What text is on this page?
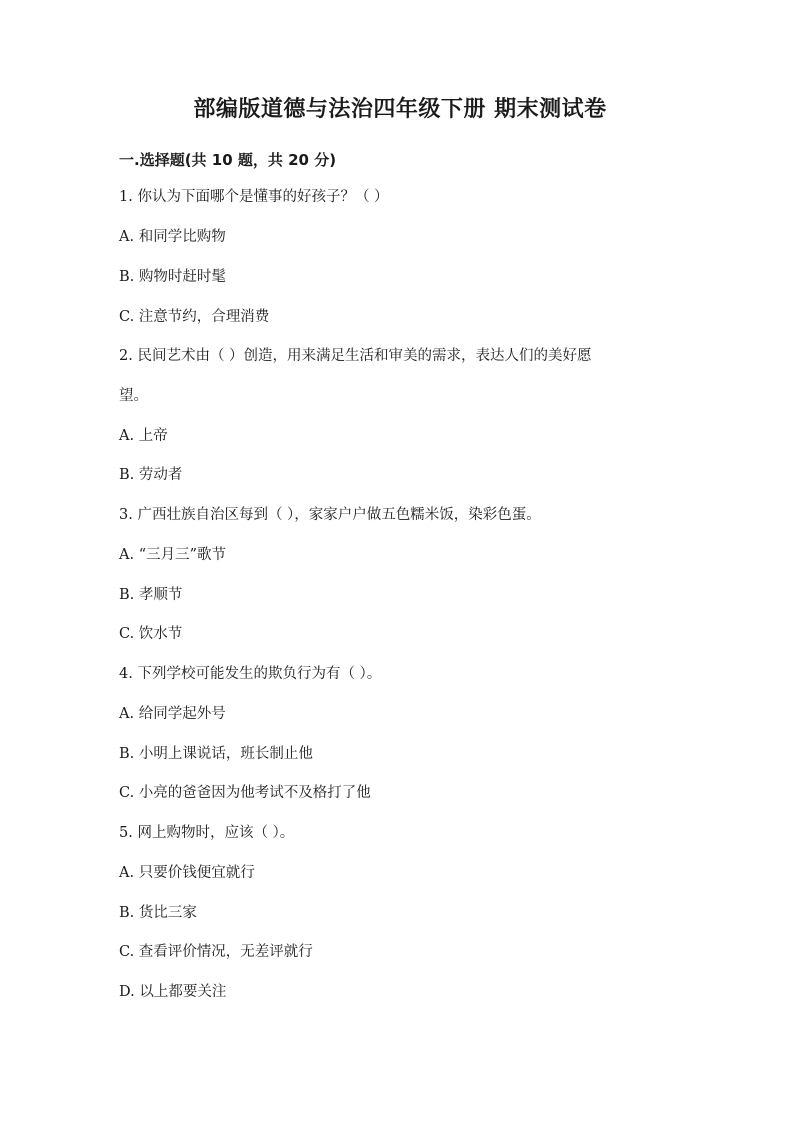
部编版道德与法治四年级下册 期末测试卷
一.选择题(共 10 题，共 20 分)
1. 你认为下面哪个是懂事的好孩子？（ ）
A. 和同学比购物
B. 购物时赶时髦
C. 注意节约，合理消费
2. 民间艺术由（ ）创造，用来满足生活和审美的需求，表达人们的美好愿
望。
A. 上帝
B. 劳动者
3. 广西壮族自治区每到（ ），家家户户做五色糯米饭，染彩色蛋。
A. “三月三”歌节
B. 孝顺节
C. 饮水节
4. 下列学校可能发生的欺负行为有（ ）。
A. 给同学起外号
B. 小明上课说话，班长制止他
C. 小亮的爸爸因为他考试不及格打了他
5. 网上购物时，应该（ ）。
A. 只要价钱便宜就行
B. 货比三家
C. 查看评价情况，无差评就行
D. 以上都要关注
